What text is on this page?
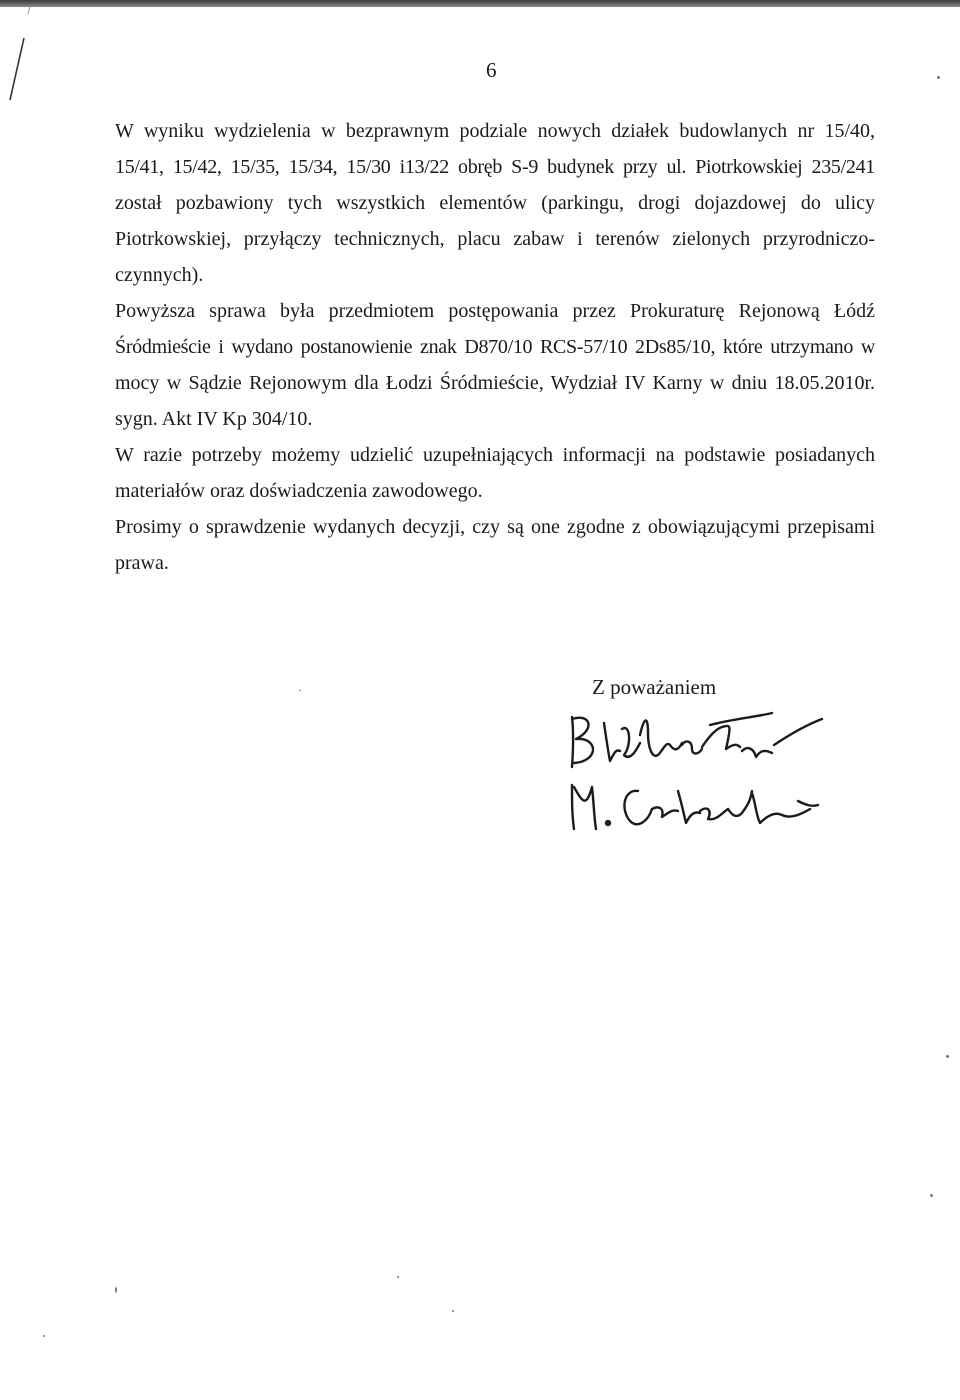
6
W wyniku wydzielenia w bezprawnym podziale nowych działek budowlanych nr 15/40,
15/41, 15/42, 15/35, 15/34, 15/30 i13/22 obręb S-9 budynek przy ul. Piotrkowskiej 235/241
został pozbawiony tych wszystkich elementów (parkingu, drogi dojazdowej do ulicy
Piotrkowskiej, przyłączy technicznych, placu zabaw i terenów zielonych przyrodniczo-
czynnych).
Powyższa sprawa była przedmiotem postępowania przez Prokuraturę Rejonową Łódź
Śródmieście i wydano postanowienie znak D870/10 RCS-57/10 2Ds85/10, które utrzymano w
mocy w Sądzie Rejonowym dla Łodzi Śródmieście, Wydział IV Karny w dniu 18.05.2010r.
sygn. Akt IV Kp 304/10.
W razie potrzeby możemy udzielić uzupełniających informacji na podstawie posiadanych
materiałów oraz doświadczenia zawodowego.
Prosimy o sprawdzenie wydanych decyzji, czy są one zgodne z obowiązującymi przepisami
prawa.
·	Z poważaniem
